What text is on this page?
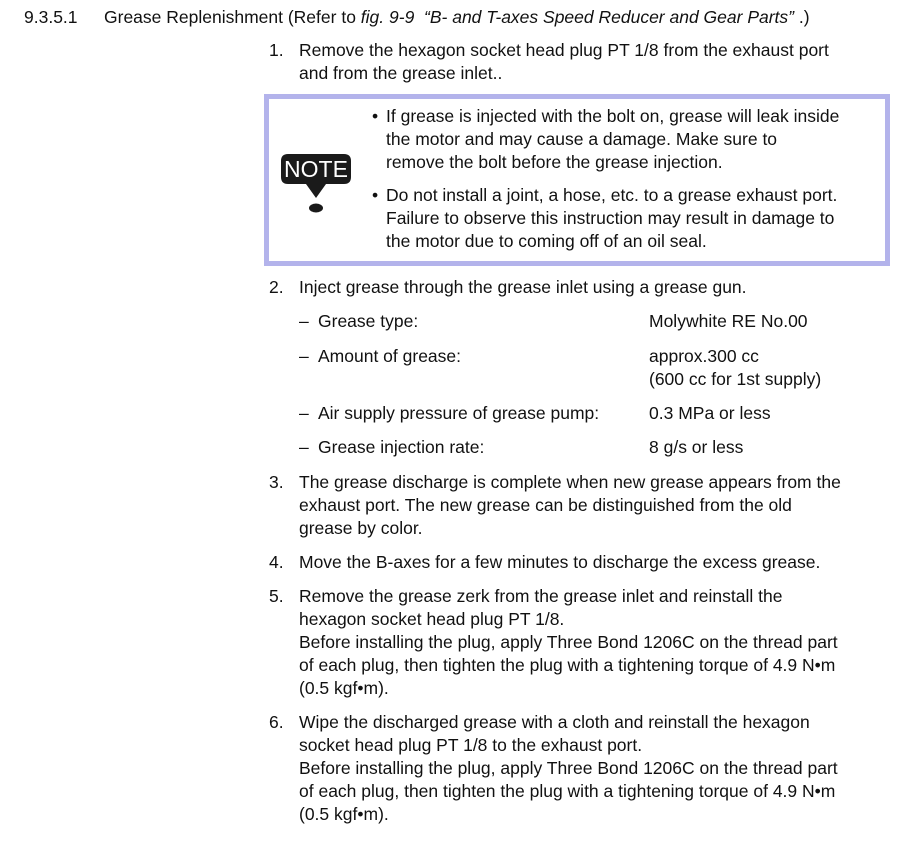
9.3.5.1 Grease Replenishment (Refer to fig. 9-9 “B- and T-axes Speed Reducer and Gear Parts” .)
1. Remove the hexagon socket head plug PT 1/8 from the exhaust port
and from the grease inlet..
NOTE
• If grease is injected with the bolt on, grease will leak inside
the motor and may cause a damage. Make sure to
remove the bolt before the grease injection.
• Do not install a joint, a hose, etc. to a grease exhaust port.
Failure to observe this instruction may result in damage to
the motor due to coming off of an oil seal.
2. Inject grease through the grease inlet using a grease gun.
– Grease type:	Molywhite RE No.00
– Amount of grease:	approx.300 cc
(600 cc for 1st supply)
– Air supply pressure of grease pump:	0.3 MPa or less
– Grease injection rate:	8 g/s or less
3. The grease discharge is complete when new grease appears from the
exhaust port. The new grease can be distinguished from the old
grease by color.
4. Move the B-axes for a few minutes to discharge the excess grease.
5. Remove the grease zerk from the grease inlet and reinstall the
hexagon socket head plug PT 1/8.
Before installing the plug, apply Three Bond 1206C on the thread part
of each plug, then tighten the plug with a tightening torque of 4.9 N•m
(0.5 kgf•m).
6. Wipe the discharged grease with a cloth and reinstall the hexagon
socket head plug PT 1/8 to the exhaust port.
Before installing the plug, apply Three Bond 1206C on the thread part
of each plug, then tighten the plug with a tightening torque of 4.9 N•m
(0.5 kgf•m).
